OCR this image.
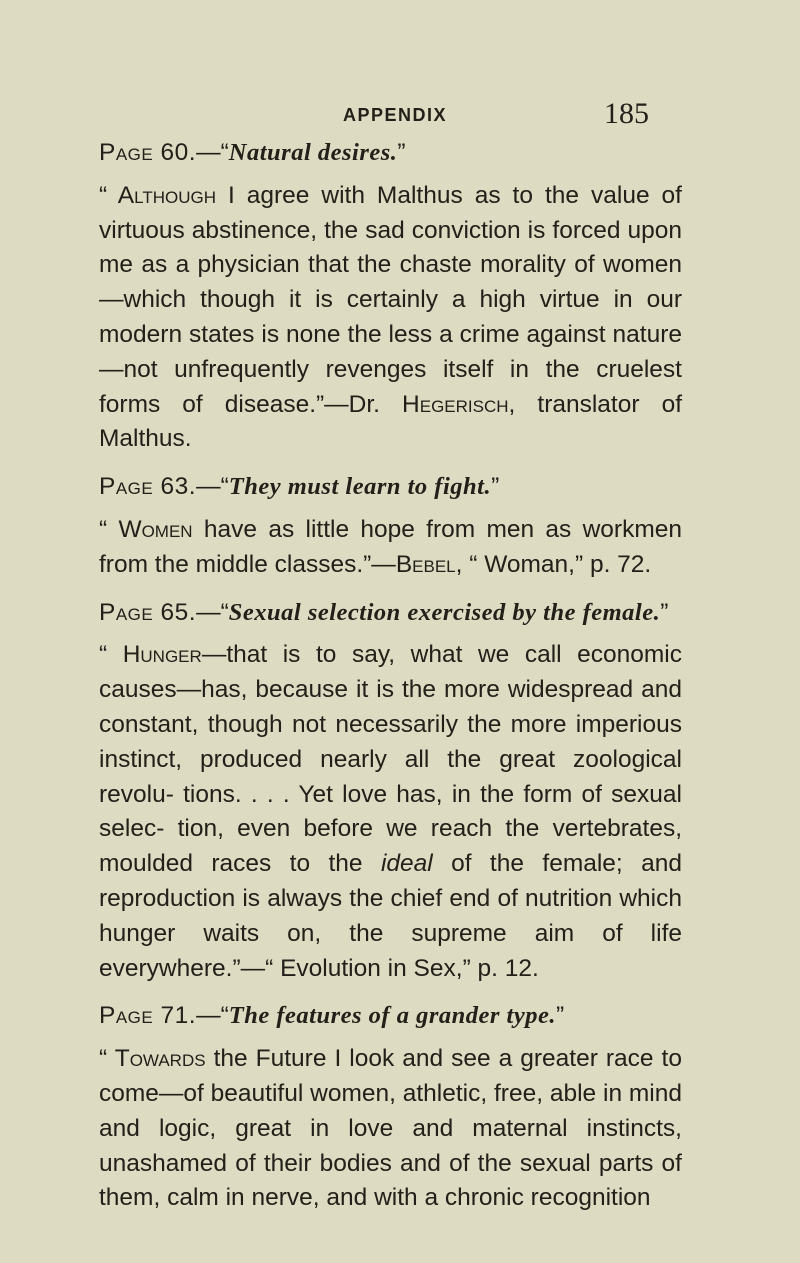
APPENDIX	185

Page 60.—“Natural desires.”

“ Although I agree with Malthus as to the value of virtuous abstinence, the sad conviction is forced upon me as a physician that the chaste morality of women—which though it is certainly a high virtue in our modern states is none the less a crime against nature —not unfrequently revenges itself in the cruelest forms of disease.”—Dr. Hegerisch, translator of Malthus.

Page 63.—“They must learn to fight.”

“ Women have as little hope from men as workmen from the middle classes.”—Bebel, “ Woman,” p. 72.

Page 65.—“Sexual selection exercised by the female.”

“ Hunger—that is to say, what we call economic causes—has, because it is the more widespread and constant, though not necessarily the more imperious instinct, produced nearly all the great zoological revolu- tions. . . . Yet love has, in the form of sexual selec- tion, even before we reach the vertebrates, moulded races to the ideal of the female; and reproduction is always the chief end of nutrition which hunger waits on, the supreme aim of life everywhere.”—“ Evolution in Sex,” p. 12.

Page 71.—“The features of a grander type.”

“ Towards the Future I look and see a greater race to come—of beautiful women, athletic, free, able in mind and logic, great in love and maternal instincts, unashamed of their bodies and of the sexual parts of them, calm in nerve, and with a chronic recognition
